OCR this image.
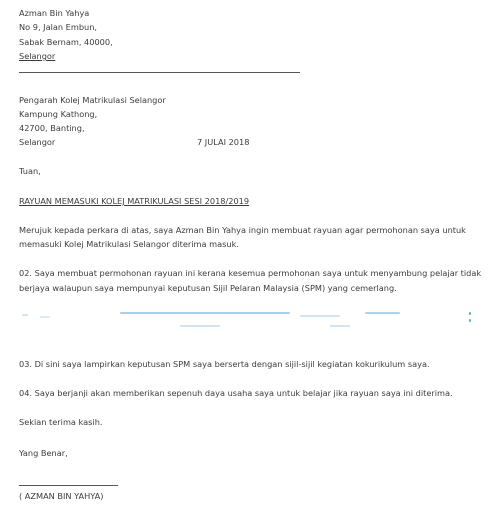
Azman Bin Yahya
No 9, Jalan Embun,
Sabak Bernam, 40000,
Selangor
Pengarah Kolej Matrikulasi Selangor
Kampung Kathong,
42700, Banting,
Selangor	7 JULAI 2018
Tuan,
RAYUAN MEMASUKI KOLEJ MATRIKULASI SESI 2018/2019
Merujuk kepada perkara di atas, saya Azman Bin Yahya ingin membuat rayuan agar permohonan saya untuk
memasuki Kolej Matrikulasi Selangor diterima masuk.
02. Saya membuat permohonan rayuan ini kerana kesemua permohonan saya untuk menyambung pelajar tidak
berjaya walaupun saya mempunyai keputusan Sijil Pelaran Malaysia (SPM) yang cemerlang.
03. Di sini saya lampirkan keputusan SPM saya berserta dengan sijil-sijil kegiatan kokurikulum saya.
04. Saya berjanji akan memberikan sepenuh daya usaha saya untuk belajar jika rayuan saya ini diterima.
Sekian terima kasih.
Yang Benar,
( AZMAN BIN YAHYA)
